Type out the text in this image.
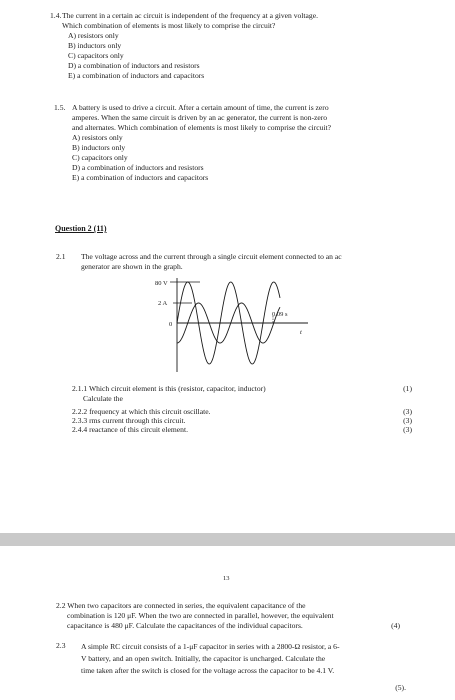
1.4. The current in a certain ac circuit is independent of the frequency at a given voltage.
Which combination of elements is most likely to comprise the circuit?
A) resistors only
B) inductors only
C) capacitors only
D) a combination of inductors and resistors
E) a combination of inductors and capacitors
1.5. A battery is used to drive a circuit. After a certain amount of time, the current is zero
amperes. When the same circuit is driven by an ac generator, the current is non-zero
and alternates. Which combination of elements is most likely to comprise the circuit?
A) resistors only
B) inductors only
C) capacitors only
D) a combination of inductors and resistors
E) a combination of inductors and capacitors
Question 2 (11)
2.1 The voltage across and the current through a single circuit element connected to an ac
generator are shown in the graph.
80 V
2 A
0
0.09 s
t
2.1.1 Which circuit element is this (resistor, capacitor, inductor)	(1)
Calculate the
2.2.2 frequency at which this circuit oscillate.	(3)
2.3.3 rms current through this circuit.	(3)
2.4.4 reactance of this circuit element.	(3)
13
2.2 When two capacitors are connected in series, the equivalent capacitance of the
combination is 120 μF. When the two are connected in parallel, however, the equivalent
capacitance is 480 μF. Calculate the capacitances of the individual capacitors.	(4)
2.3 A simple RC circuit consists of a 1-μF capacitor in series with a 2800-Ω resistor, a 6-
V battery, and an open switch. Initially, the capacitor is uncharged. Calculate the
time taken after the switch is closed for the voltage across the capacitor to be 4.1 V.
(5).
